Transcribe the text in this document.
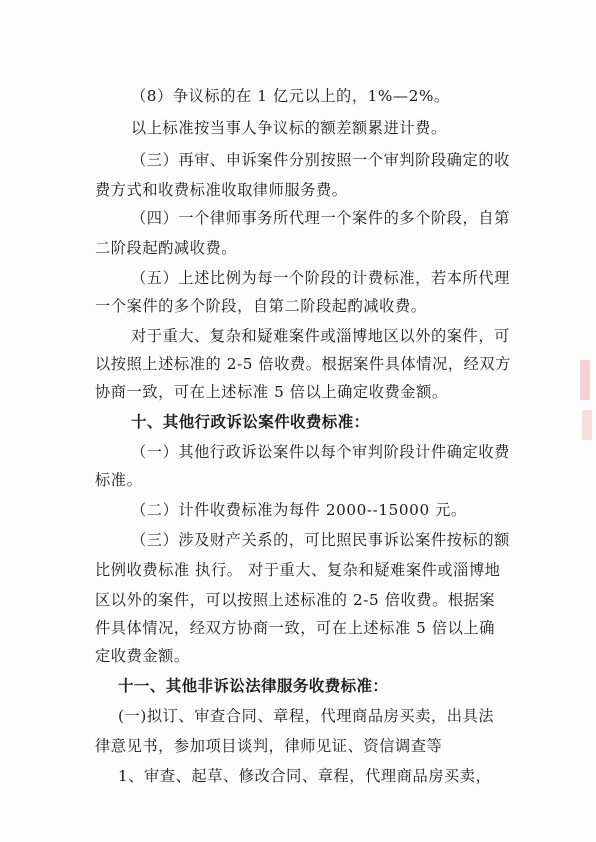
（8）争议标的在 1 亿元以上的，1%—2%。
以上标准按当事人争议标的额差额累进计费。
（三）再审、申诉案件分别按照一个审判阶段确定的收
费方式和收费标准收取律师服务费。
（四）一个律师事务所代理一个案件的多个阶段，自第
二阶段起酌减收费。
（五）上述比例为每一个阶段的计费标准，若本所代理
一个案件的多个阶段，自第二阶段起酌减收费。
对于重大、复杂和疑难案件或淄博地区以外的案件，可
以按照上述标准的 2-5 倍收费。根据案件具体情况，经双方
协商一致，可在上述标准 5 倍以上确定收费金额。
十、其他行政诉讼案件收费标准：
（一）其他行政诉讼案件以每个审判阶段计件确定收费
标准。
（二）计件收费标准为每件 2000--15000 元。
（三）涉及财产关系的，可比照民事诉讼案件按标的额
比例收费标准 执行。 对于重大、复杂和疑难案件或淄博地
区以外的案件，可以按照上述标准的 2-5 倍收费。根据案
件具体情况，经双方协商一致，可在上述标准 5 倍以上确
定收费金额。
十一、其他非诉讼法律服务收费标准：
(一)拟订、审查合同、章程，代理商品房买卖，出具法
律意见书，参加项目谈判，律师见证、资信调查等
1、审查、起草、修改合同、章程，代理商品房买卖，
